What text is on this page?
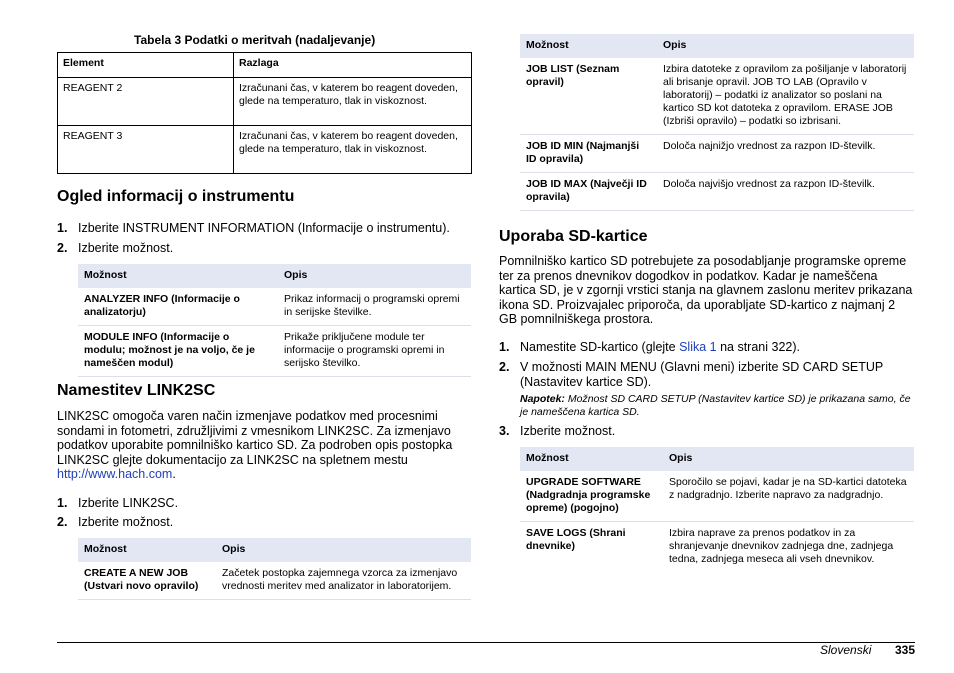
Tabela 3 Podatki o meritvah (nadaljevanje)
Element	Razlaga
REAGENT 2	Izračunani čas, v katerem bo reagent doveden, glede na temperaturo, tlak in viskoznost.
REAGENT 3	Izračunani čas, v katerem bo reagent doveden, glede na temperaturo, tlak in viskoznost.
Ogled informacij o instrumentu
1. Izberite INSTRUMENT INFORMATION (Informacije o instrumentu).
2. Izberite možnost.
Možnost	Opis
ANALYZER INFO (Informacije o analizatorju)	Prikaz informacij o programski opremi in serijske številke.
MODULE INFO (Informacije o modulu; možnost je na voljo, če je nameščen modul)	Prikaže priključene module ter informacije o programski opremi in serijsko številko.
Namestitev LINK2SC

LINK2SC omogoča varen način izmenjave podatkov med procesnimi sondami in fotometri, združljivimi z vmesnikom LINK2SC. Za izmenjavo podatkov uporabite pomnilniško kartico SD. Za podroben opis postopka LINK2SC glejte dokumentacijo za LINK2SC na spletnem mestu http://www.hach.com.

1. Izberite LINK2SC.
2. Izberite možnost.
Možnost	Opis
CREATE A NEW JOB (Ustvari novo opravilo)	Začetek postopka zajemnega vzorca za izmenjavo vrednosti meritev med analizator in laboratorijem.
Možnost	Opis
JOB LIST (Seznam opravil)	Izbira datoteke z opravilom za pošiljanje v laboratorij ali brisanje opravil. JOB TO LAB (Opravilo v laboratorij) – podatki iz analizator so poslani na kartico SD kot datoteka z opravilom. ERASE JOB (Izbriši opravilo) – podatki so izbrisani.
JOB ID MIN (Najmanjši ID opravila)	Določa najnižjo vrednost za razpon ID-številk.
JOB ID MAX (Največji ID opravila)	Določa najvišjo vrednost za razpon ID-številk.
Uporaba SD-kartice

Pomnilniško kartico SD potrebujete za posodabljanje programske opreme ter za prenos dnevnikov dogodkov in podatkov. Kadar je nameščena kartica SD, je v zgornji vrstici stanja na glavnem zaslonu meritev prikazana ikona SD. Proizvajalec priporoča, da uporabljate SD-kartico z najmanj 2 GB pomnilniškega prostora.

1. Namestite SD-kartico (glejte Slika 1 na strani 322).
2. V možnosti MAIN MENU (Glavni meni) izberite SD CARD SETUP (Nastavitev kartice SD).
Napotek: Možnost SD CARD SETUP (Nastavitev kartice SD) je prikazana samo, če je nameščena kartica SD.
3. Izberite možnost.
Možnost	Opis
UPGRADE SOFTWARE (Nadgradnja programske opreme) (pogojno)	Sporočilo se pojavi, kadar je na SD-kartici datoteka z nadgradnjo. Izberite napravo za nadgradnjo.
SAVE LOGS (Shrani dnevnike)	Izbira naprave za prenos podatkov in za shranjevanje dnevnikov zadnjega dne, zadnjega tedna, zadnjega meseca ali vseh dnevnikov.
Slovenski 335
